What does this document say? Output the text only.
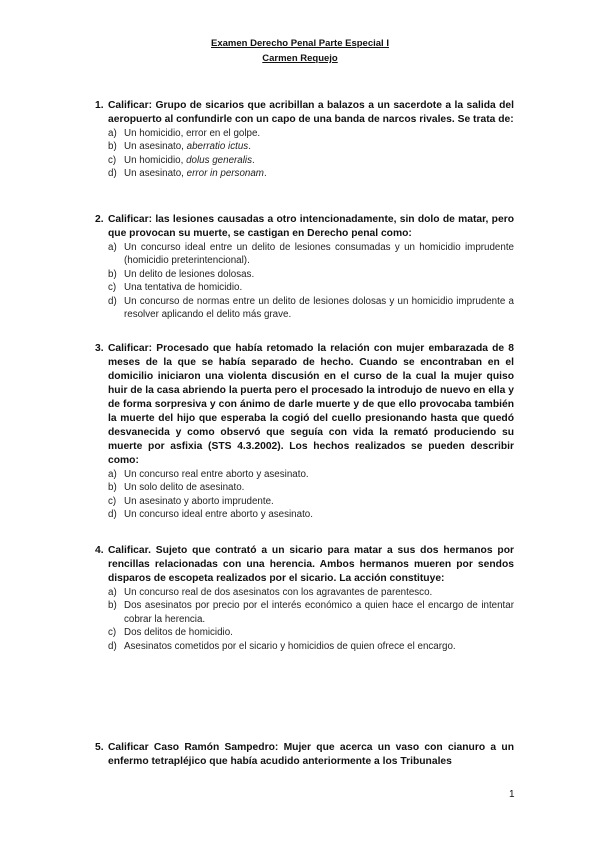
Examen Derecho Penal Parte Especial I
Carmen Requejo
1. Calificar: Grupo de sicarios que acribillan a balazos a un sacerdote a la salida del aeropuerto al confundirle con un capo de una banda de narcos rivales. Se trata de:
a) Un homicidio, error en el golpe.
b) Un asesinato, aberratio ictus.
c) Un homicidio, dolus generalis.
d) Un asesinato, error in personam.
2. Calificar: las lesiones causadas a otro intencionadamente, sin dolo de matar, pero que provocan su muerte, se castigan en Derecho penal como:
a) Un concurso ideal entre un delito de lesiones consumadas y un homicidio imprudente (homicidio preterintencional).
b) Un delito de lesiones dolosas.
c) Una tentativa de homicidio.
d) Un concurso de normas entre un delito de lesiones dolosas y un homicidio imprudente a resolver aplicando el delito más grave.
3. Calificar: Procesado que había retomado la relación con mujer embarazada de 8 meses de la que se había separado de hecho. Cuando se encontraban en el domicilio iniciaron una violenta discusión en el curso de la cual la mujer quiso huir de la casa abriendo la puerta pero el procesado la introdujo de nuevo en ella y de forma sorpresiva y con ánimo de darle muerte y de que ello provocaba también la muerte del hijo que esperaba la cogió del cuello presionando hasta que quedó desvanecida y como observó que seguía con vida la remató produciendo su muerte por asfixia (STS 4.3.2002). Los hechos realizados se pueden describir como:
a) Un concurso real entre aborto y asesinato.
b) Un solo delito de asesinato.
c) Un asesinato y aborto imprudente.
d) Un concurso ideal entre aborto y asesinato.
4. Calificar. Sujeto que contrató a un sicario para matar a sus dos hermanos por rencillas relacionadas con una herencia. Ambos hermanos mueren por sendos disparos de escopeta realizados por el sicario. La acción constituye:
a) Un concurso real de dos asesinatos con los agravantes de parentesco.
b) Dos asesinatos por precio por el interés económico a quien hace el encargo de intentar cobrar la herencia.
c) Dos delitos de homicidio.
d) Asesinatos cometidos por el sicario y homicidios de quien ofrece el encargo.
5. Calificar Caso Ramón Sampedro: Mujer que acerca un vaso con cianuro a un enfermo tetrapléjico que había acudido anteriormente a los Tribunales
1
